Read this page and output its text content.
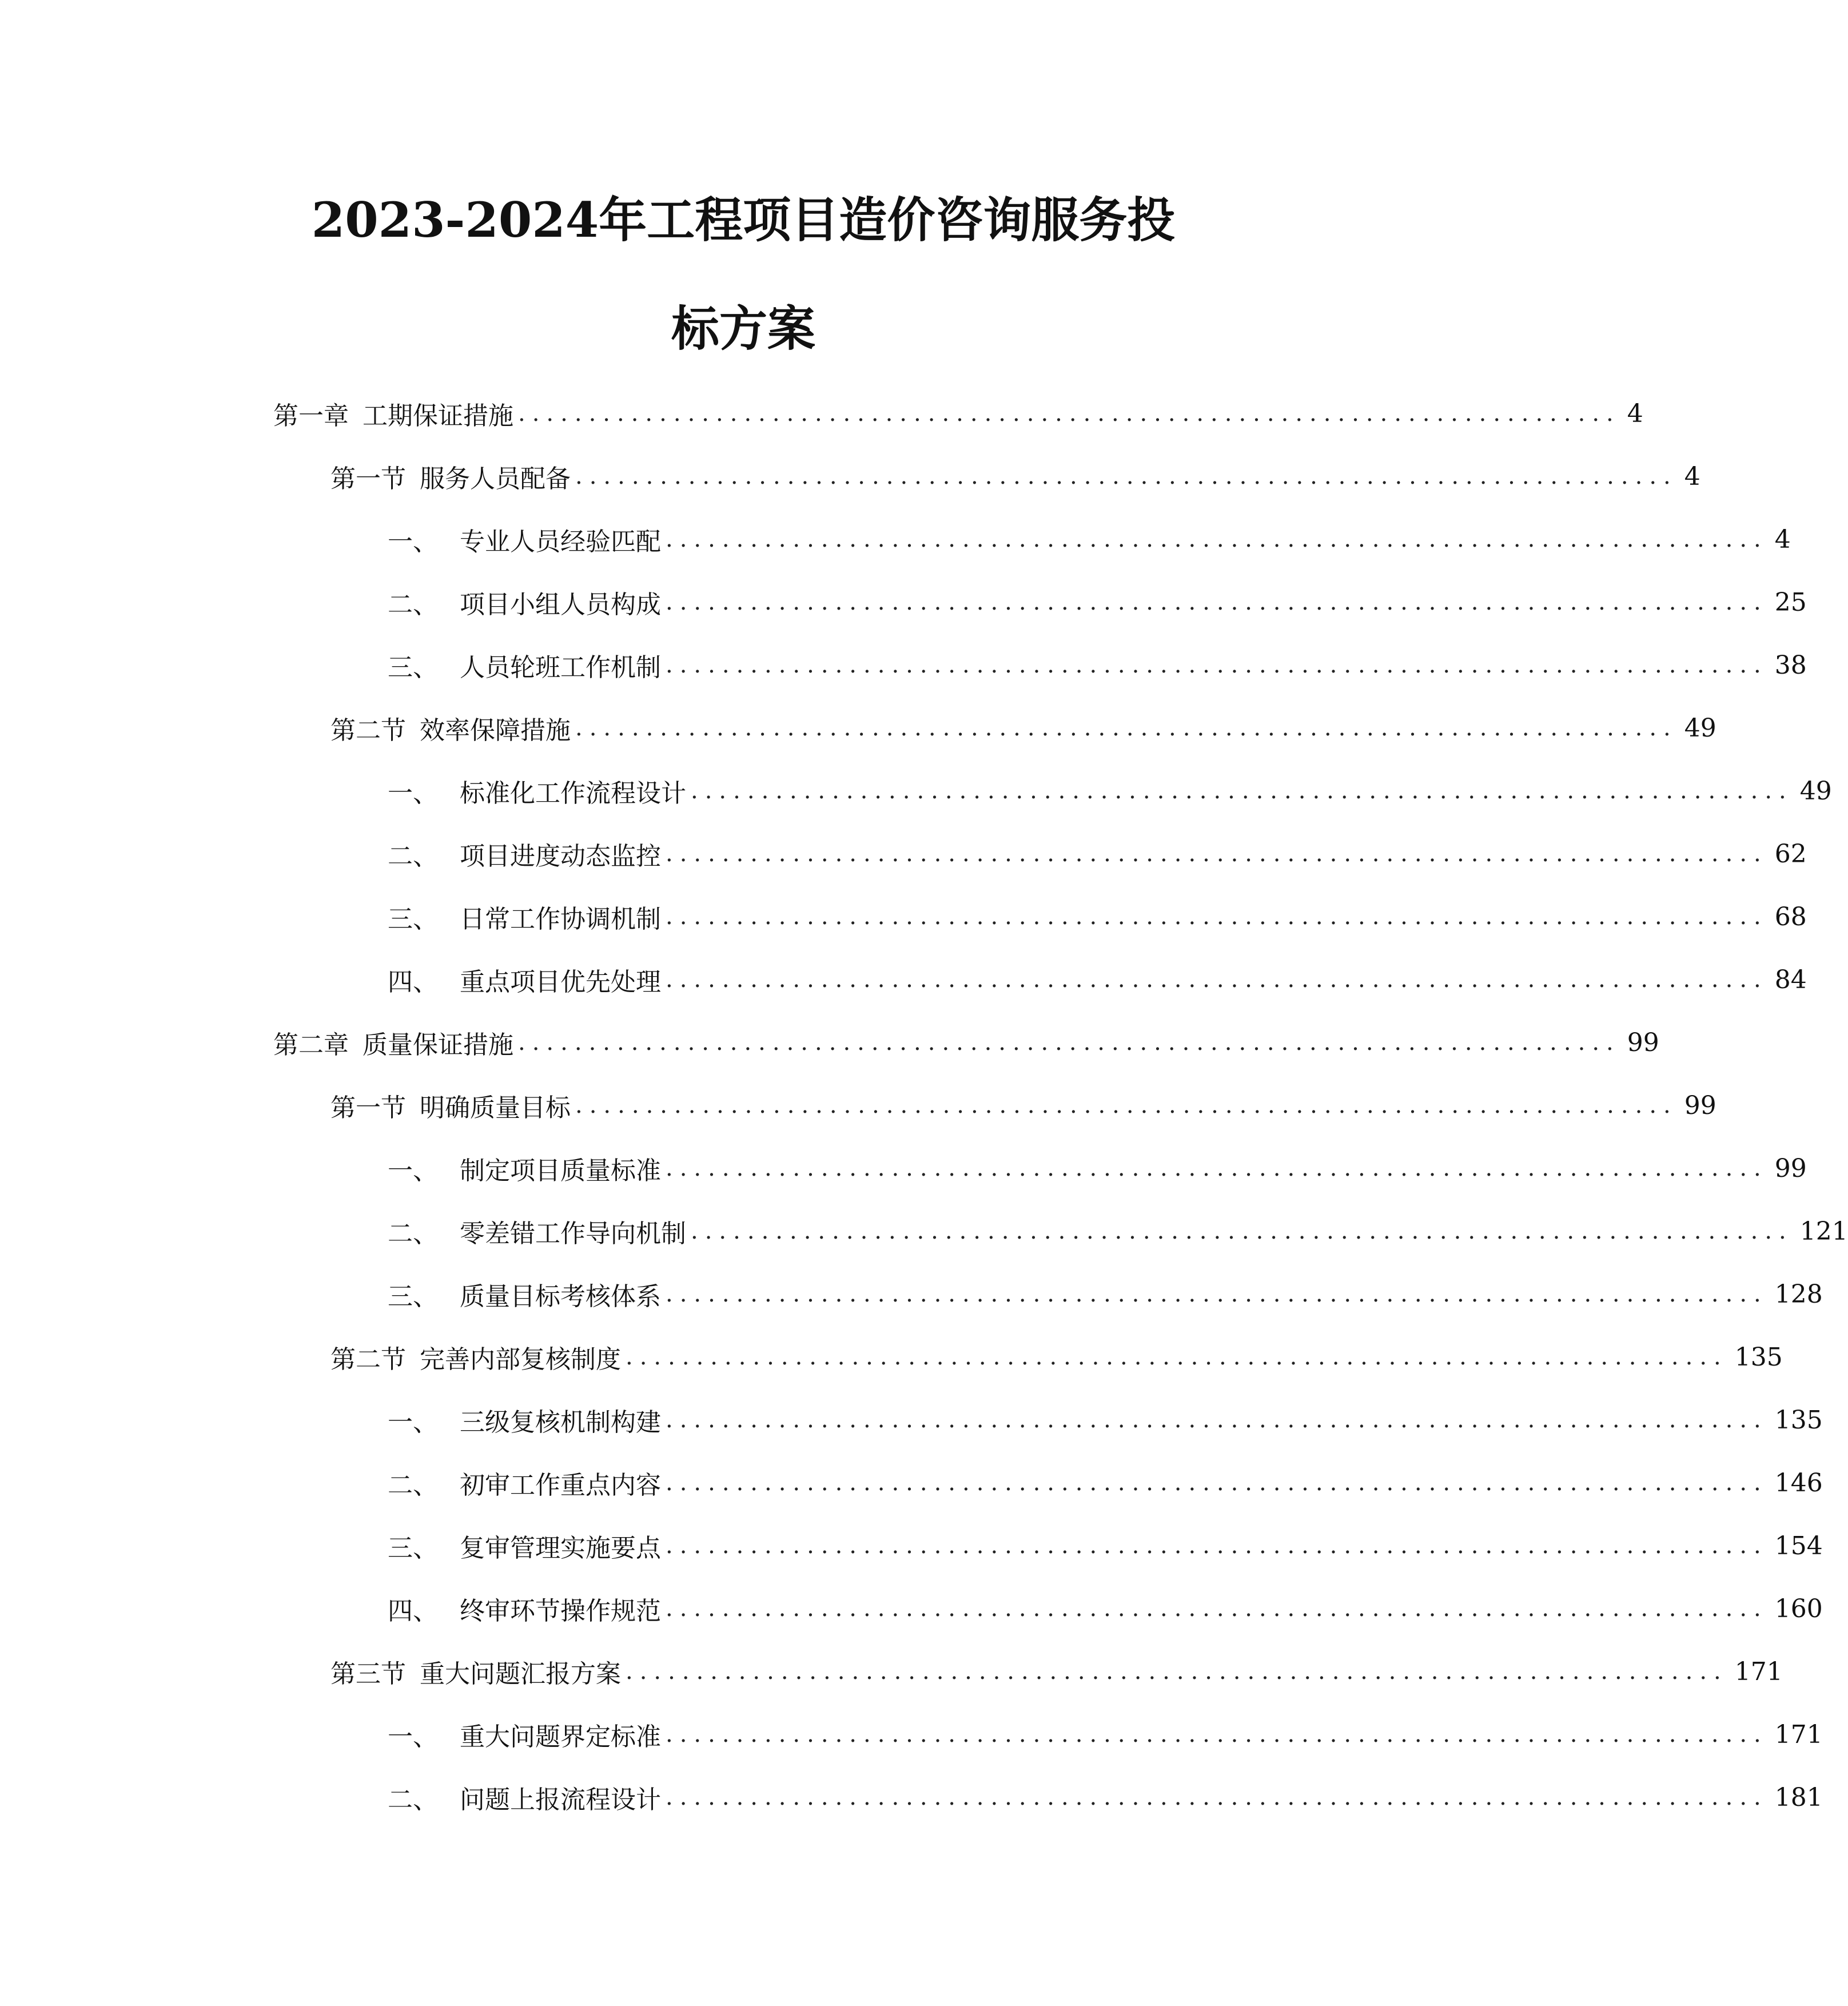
2023-2024年工程项目造价咨询服务投
标方案
第一章 工期保证措施 .............................................................................. 4
第一节 服务人员配备 .............................................................................. 4
一、 专业人员经验匹配 .............................................................................. 4
二、 项目小组人员构成 .............................................................................. 25
三、 人员轮班工作机制 .............................................................................. 38
第二节 效率保障措施 .............................................................................. 49
一、 标准化工作流程设计 .............................................................................. 49
二、 项目进度动态监控 .............................................................................. 62
三、 日常工作协调机制 .............................................................................. 68
四、 重点项目优先处理 .............................................................................. 84
第二章 质量保证措施 .............................................................................. 99
第一节 明确质量目标 .............................................................................. 99
一、 制定项目质量标准 .............................................................................. 99
二、 零差错工作导向机制 .............................................................................. 121
三、 质量目标考核体系 .............................................................................. 128
第二节 完善内部复核制度 .............................................................................. 135
一、 三级复核机制构建 .............................................................................. 135
二、 初审工作重点内容 .............................................................................. 146
三、 复审管理实施要点 .............................................................................. 154
四、 终审环节操作规范 .............................................................................. 160
第三节 重大问题汇报方案 .............................................................................. 171
一、 重大问题界定标准 .............................................................................. 171
二、 问题上报流程设计 .............................................................................. 181
